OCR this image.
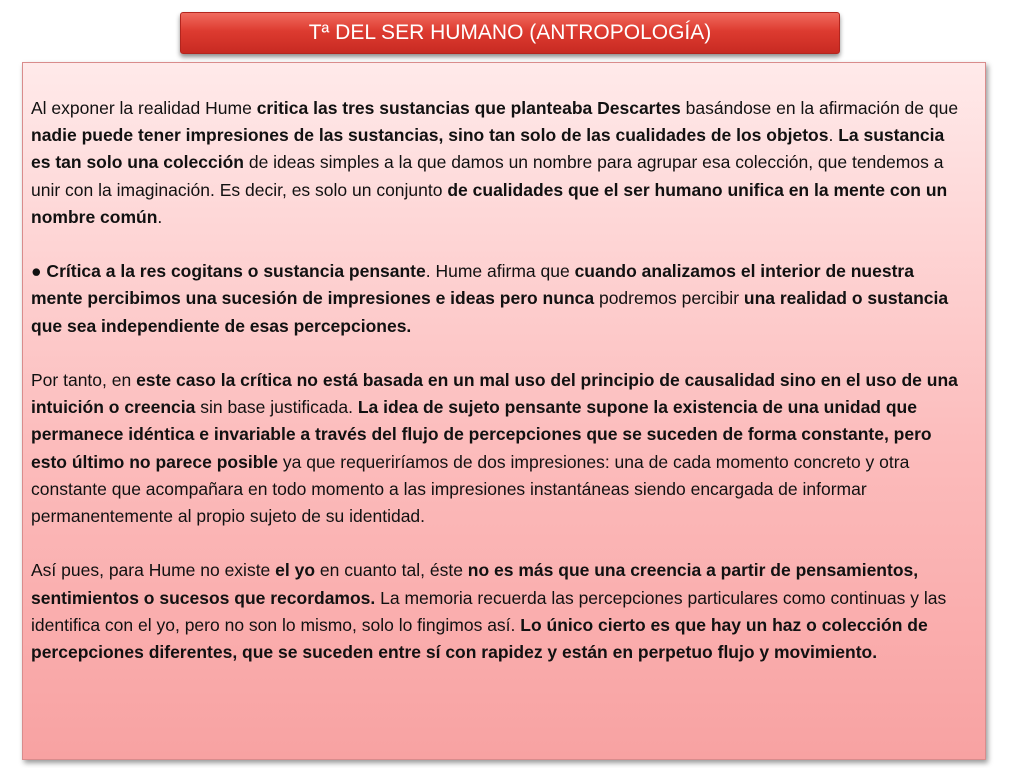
Tª DEL SER HUMANO (ANTROPOLOGÍA)

Al exponer la realidad Hume critica las tres sustancias que planteaba Descartes basándose en la afirmación de que nadie puede tener impresiones de las sustancias, sino tan solo de las cualidades de los objetos. La sustancia es tan solo una colección de ideas simples a la que damos un nombre para agrupar esa colección, que tendemos a unir con la imaginación. Es decir, es solo un conjunto de cualidades que el ser humano unifica en la mente con un nombre común.

● Crítica a la res cogitans o sustancia pensante. Hume afirma que cuando analizamos el interior de nuestra mente percibimos una sucesión de impresiones e ideas pero nunca podremos percibir una realidad o sustancia que sea independiente de esas percepciones.

Por tanto, en este caso la crítica no está basada en un mal uso del principio de causalidad sino en el uso de una intuición o creencia sin base justificada. La idea de sujeto pensante supone la existencia de una unidad que permanece idéntica e invariable a través del flujo de percepciones que se suceden de forma constante, pero esto último no parece posible ya que requeriríamos de dos impresiones: una de cada momento concreto y otra constante que acompañara en todo momento a las impresiones instantáneas siendo encargada de informar permanentemente al propio sujeto de su identidad.

Así pues, para Hume no existe el yo en cuanto tal, éste no es más que una creencia a partir de pensamientos, sentimientos o sucesos que recordamos. La memoria recuerda las percepciones particulares como continuas y las identifica con el yo, pero no son lo mismo, solo lo fingimos así. Lo único cierto es que hay un haz o colección de percepciones diferentes, que se suceden entre sí con rapidez y están en perpetuo flujo y movimiento.
